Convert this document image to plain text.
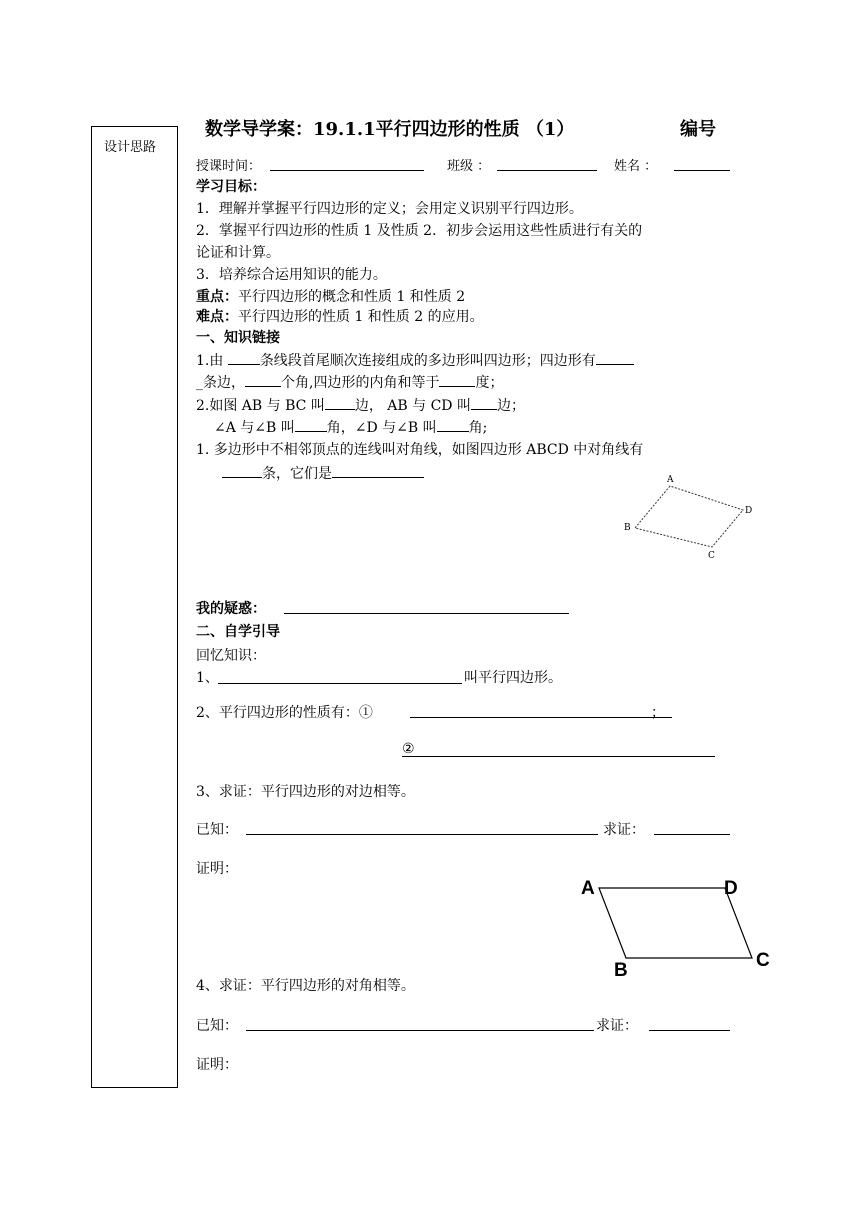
设计思路
数学导学案：19.1.1平行四边形的性质 （1）	编号
授课时间：	班级 ：	姓名 ：
学习目标：
1．理解并掌握平行四边形的定义；会用定义识别平行四边形。
2．掌握平行四边形的性质 1 及性质 2．初步会运用这些性质进行有关的
论证和计算。
3．培养综合运用知识的能力。
重点：平行四边形的概念和性质 1 和性质 2
难点：平行四边形的性质 1 和性质 2 的应用。
一、知识链接
1.由	条线段首尾顺次连接组成的多边形叫四边形；四边形有
_条边，	个角,四边形的内角和等于	度；
2.如图 AB 与 BC 叫 边， AB 与 CD 叫 边；
∠A 与∠B 叫 角，∠D 与∠B 叫 角;
1. 多边形中不相邻顶点的连线叫对角线，如图四边形 ABCD 中对角线有
条，它们是	A
B
C
D
我的疑惑：
二、自学引导
回忆知识：
1、	叫平行四边形。
2、平行四边形的性质有：①	；
②
3、求证：平行四边形的对边相等。
已知：	求证：
证明：
A	D
C
B
4、求证：平行四边形的对角相等。
已知：	求证：
证明：
